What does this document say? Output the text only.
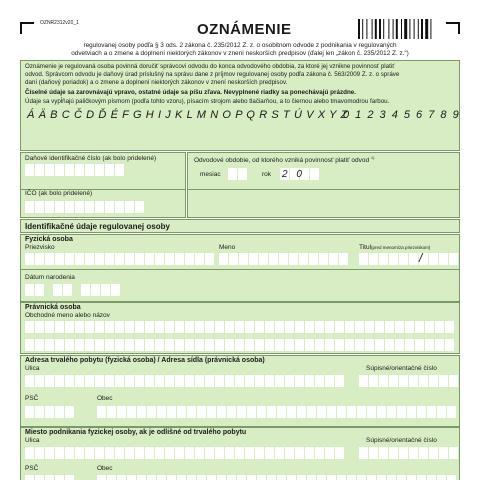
OZNR2312v20_1	OZNÁMENIE
regulovanej osoby podľa § 3 ods. 2 zákona č. 235/2012 Z. z. o osobitnom odvode z podnikania v regulovaných
odvetviach a o zmene a doplnení niektorých zákonov v znení neskorších predpisov (ďalej len „zákon č. 235/2012 Z. z.“)
Oznámenie je regulovaná osoba povinná doručiť správcovi odvodu do konca odvodového obdobia, za ktoré jej vznikne povinnosť platiť
odvod. Správcom odvodu je daňový úrad príslušný na správu dane z príjmov regulovanej osoby podľa zákona č. 563/2009 Z. z. o správe
daní (daňový poriadok) a o zmene a doplnení niektorých zákonov v znení neskorších predpisov.
Číselné údaje sa zarovnávajú vpravo, ostatné údaje sa píšu zľava. Nevyplnené riadky sa ponechávajú prázdne.
Údaje sa vypĺňajú paličkovým písmom (podľa tohto vzoru), písacím strojom alebo tlačiarňou, a to čiernou alebo tmavomodrou farbou.
Á Ä B C Č D Ď É F G H I J K L M N O P Q R S T Ú V X Y Z
0 1 2 3 4 5 6 7 8 9
Daňové identifikačné číslo (ak bolo pridelené)	Odvodové obdobie, od ktorého vzniká povinnosť platiť odvod $^{1)}$
mesiac	rok 2 0
IČO (ak bolo pridelené)
Identifikačné údaje regulovanej osoby
Fyzická osoba
Priezvisko	Meno	Titul(pred menom/za priezviskom)
/
Dátum narodenia
Právnická osoba
Obchodné meno alebo názov
Adresa trvalého pobytu (fyzická osoba) / Adresa sídla (právnická osoba)
Ulica	Súpisné/orientačné číslo
PSČ	Obec
Miesto podnikania fyzickej osoby, ak je odlišné od trvalého pobytu
Ulica	Súpisné/orientačné číslo
PSČ	Obec
